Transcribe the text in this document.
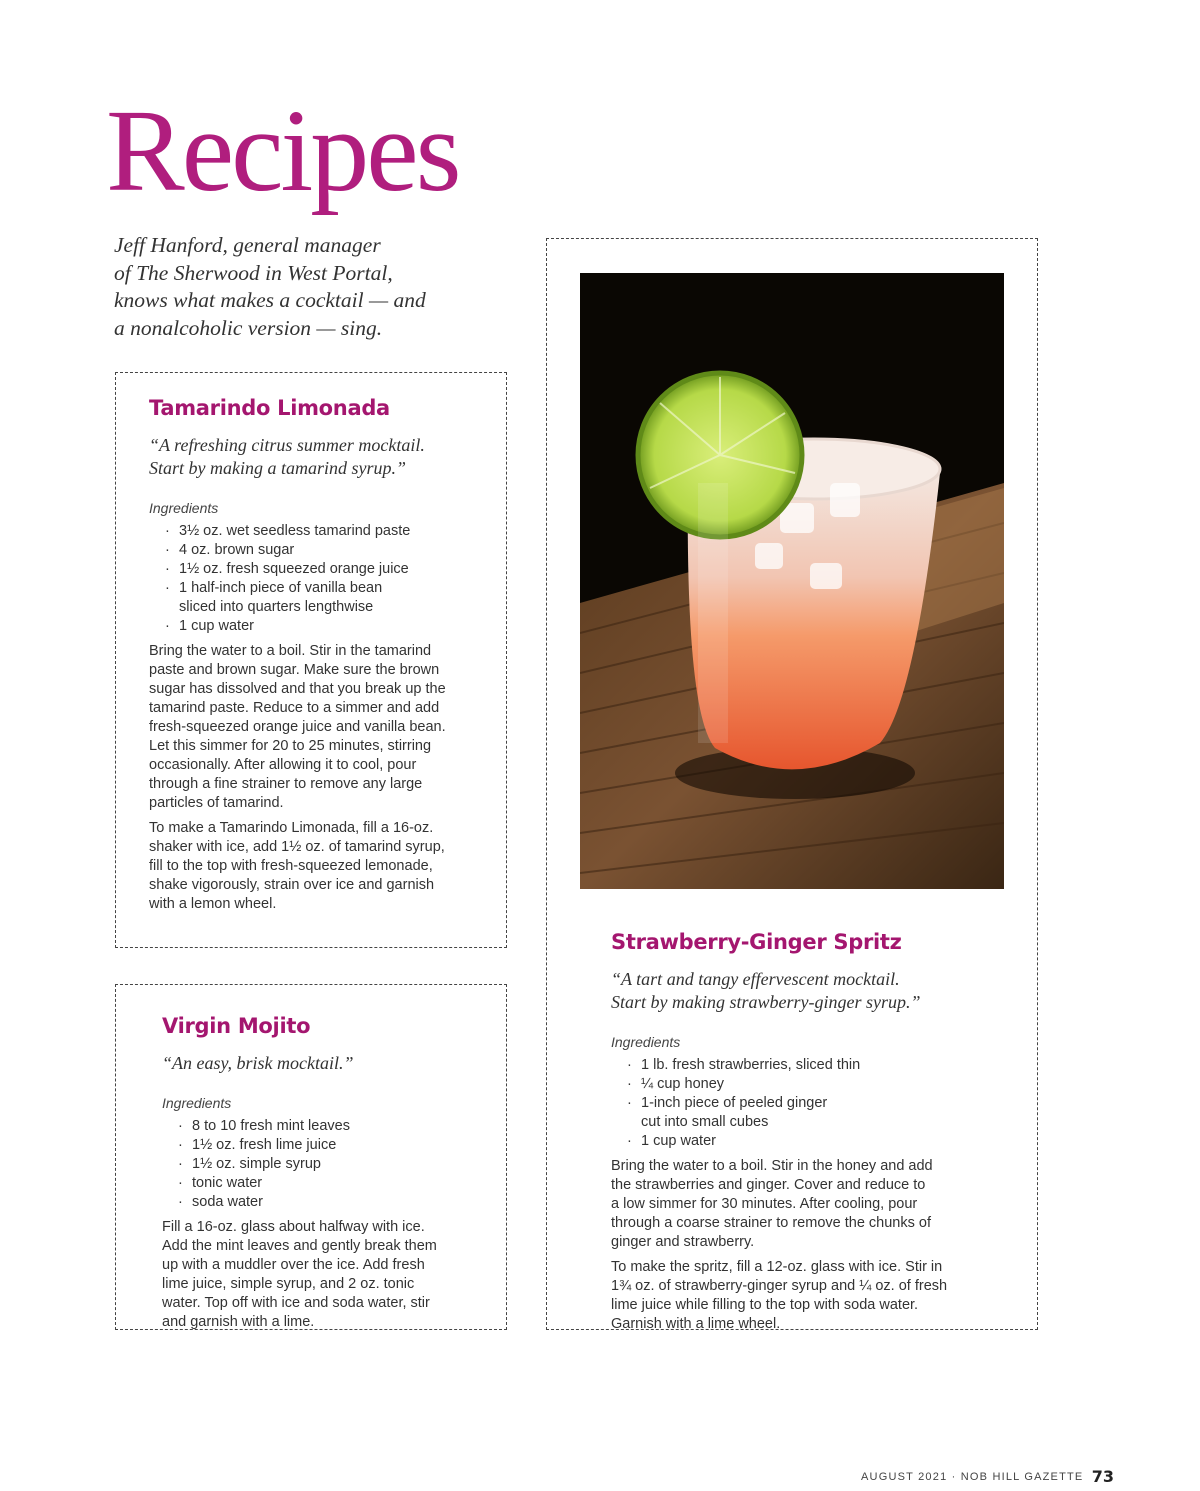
Recipes
Jeff Hanford, general manager
of The Sherwood in West Portal,
knows what makes a cocktail — and
a nonalcoholic version — sing.
Tamarindo Limonada
“A refreshing citrus summer mocktail.
Start by making a tamarind syrup.”
Ingredients
· 3½ oz. wet seedless tamarind paste
· 4 oz. brown sugar
· 1½ oz. fresh squeezed orange juice
· 1 half-inch piece of vanilla bean
sliced into quarters lengthwise
· 1 cup water
Bring the water to a boil. Stir in the tamarind
paste and brown sugar. Make sure the brown
sugar has dissolved and that you break up the
tamarind paste. Reduce to a simmer and add
fresh-squeezed orange juice and vanilla bean.
Let this simmer for 20 to 25 minutes, stirring
occasionally. After allowing it to cool, pour
through a fine strainer to remove any large
particles of tamarind.
To make a Tamarindo Limonada, fill a 16-oz.
shaker with ice, add 1½ oz. of tamarind syrup,
fill to the top with fresh-squeezed lemonade,
shake vigorously, strain over ice and garnish
with a lemon wheel.
Virgin Mojito
“An easy, brisk mocktail.”
Ingredients
· 8 to 10 fresh mint leaves
· 1½ oz. fresh lime juice
· 1½ oz. simple syrup
· tonic water
· soda water
Fill a 16-oz. glass about halfway with ice.
Add the mint leaves and gently break them
up with a muddler over the ice. Add fresh
lime juice, simple syrup, and 2 oz. tonic
water. Top off with ice and soda water, stir
and garnish with a lime.
Strawberry-Ginger Spritz
“A tart and tangy effervescent mocktail.
Start by making strawberry-ginger syrup.”
Ingredients
· 1 lb. fresh strawberries, sliced thin
· ¼ cup honey
· 1-inch piece of peeled ginger
cut into small cubes
· 1 cup water
Bring the water to a boil. Stir in the honey and add
the strawberries and ginger. Cover and reduce to
a low simmer for 30 minutes. After cooling, pour
through a coarse strainer to remove the chunks of
ginger and strawberry.
To make the spritz, fill a 12-oz. glass with ice. Stir in
1¾ oz. of strawberry-ginger syrup and ¼ oz. of fresh
lime juice while filling to the top with soda water.
Garnish with a lime wheel.
AUGUST 2021 · NOB HILL GAZETTE 73
